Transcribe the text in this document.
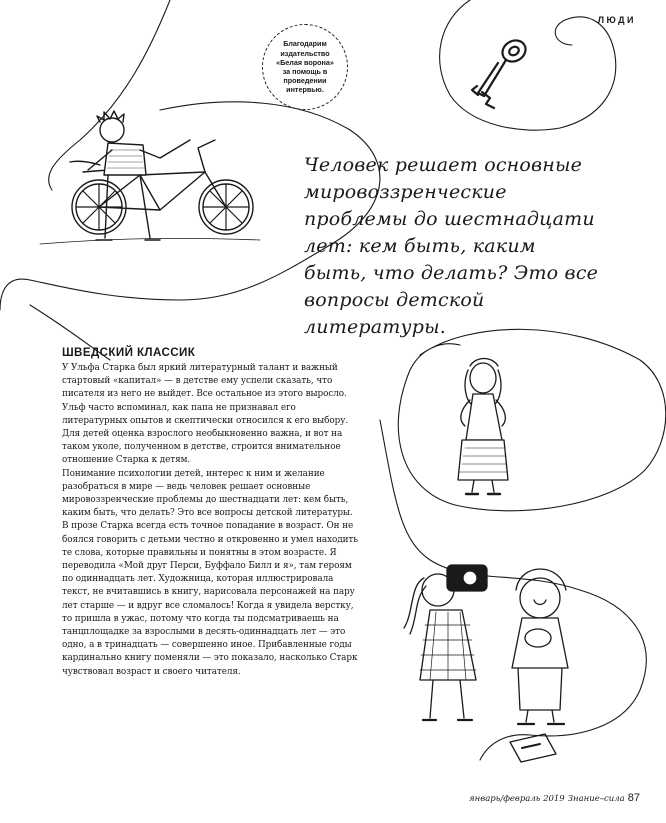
ЛЮДИ
Благодарим издательство «Белая ворона» за помощь в проведении интервью.
Человек решает основные мировоззренческие проблемы до шестнадцати лет: кем быть, каким быть, что делать? Это все вопросы детской литературы.
ШВЕДСКИЙ КЛАССИК

У Ульфа Старка был яркий литературный талант и важный стартовый «капитал» — в детстве ему успели сказать, что писателя из него не выйдет. Все остальное из этого выросло. Ульф часто вспоминал, как папа не признавал его литературных опытов и скептически относился к его выбору. Для детей оценка взрослого необыкновенно важна, и вот на таком уколе, полученном в детстве, строится внимательное отношение Старка к детям.

Понимание психологии детей, интерес к ним и желание разобраться в мире — ведь человек решает основные мировоззренческие проблемы до шестнадцати лет: кем быть, каким быть, что делать? Это все вопросы детской литературы.

В прозе Старка всегда есть точное попадание в возраст. Он не боялся говорить с детьми честно и откровенно и умел находить те слова, которые правильны и понятны в этом возрасте. Я переводила «Мой друг Перси, Буффало Билл и я», там героям по одиннадцать лет. Художница, которая иллюстрировала текст, не вчитавшись в книгу, нарисовала персонажей на пару лет старше — и вдруг все сломалось! Когда я увидела верстку, то пришла в ужас, потому что когда ты подсматриваешь на танцплощадке за взрослыми в десять-одиннадцать лет — это одно, а в тринадцать — совершенно иное. Прибавленные годы кардинально книгу поменяли — это показало, насколько Старк чувствовал возраст и своего читателя.

январь/февраль 2019 Знание–сила 87
